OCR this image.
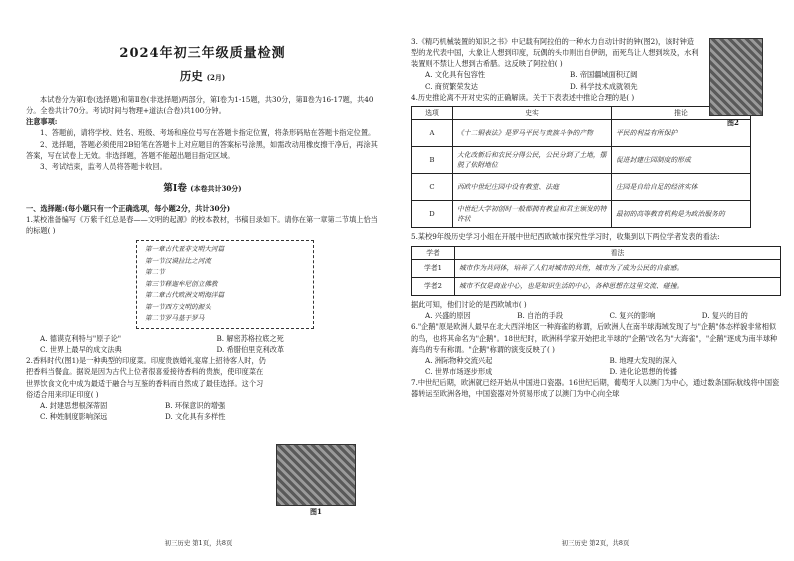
2024年初三年级质量检测
历史 (2月)

本试卷分为第Ⅰ卷(选择题)和第Ⅱ卷(非选择题)两部分，第Ⅰ卷为1-15题，共30分，第Ⅱ卷为16-17题，共40分。全卷共计70分。考试时间与物理+道法(合卷)共100分钟。

注意事项:

1、答题前，请将学校、姓名、班级、考场和座位号写在答题卡指定位置，将条形码贴在答题卡指定位置。

2、选择题，答题必须使用2B铅笔在答题卡上对应题目的答案标号涂黑，如需改动用橡皮擦干净后，再涂其答案，写在试卷上无效。非选择题，答题不能超出题目指定区域。

3、考试结束，监考人员将答题卡收回。

第Ⅰ卷 (本卷共计30分)

一、选择题:(每小题只有一个正确选项，每小题2分，共计30分)

1.某校准备编写《万紫千红总是春——文明的起源》的校本教材，书稿目录如下。请你在第一章第二节填上恰当的标题( )

第一章古代亚非文明大河篇
第一节汉谟拉比之河流
第二节
第三节释迦牟尼创立佛教
第二章古代欧洲文明海洋篇
第一节西方文明的源头
第二节罗马基于罗马
A. 德谟克利特与"原子论"	B. 解密苏格拉底之死
C. 世界上最早的成文法典	D. 希腊伯里克利改革

2.香料时代(图1)是一种典型的印度菜。印度贵族婚礼宴席上招待客人时，仍把香料当餐盒。据说是因为古代上位者很喜爱接待香料的贵族，使印度菜在世界饮食文化中成为最适于融合与互鉴的香料而自然成了最佳选择。这个习俗适合用来印证印度( )

A. 封建思想根深蒂固	B. 环保意识的增强
C. 种姓制度影响深远	D. 文化具有多样性
图1
初三历史 第1页，共8页

3.《精巧机械装置的知识之书》中记载有阿拉伯的一种水力自动计时的钟(图2)，该时钟造型的龙代表中国，大象让人想到印度，玩偶的头巾则出自伊朗，而死鸟让人想到埃及，水利装置则不禁让人想到古希腊。这反映了阿拉伯( )

A. 文化具有包容性	B. 帝国疆域面积辽阔
C. 商贸繁荣发达	D. 科学技术成就领先
图2

4.历史推论离不开对史实的正确解读。关于下表表述中推论合理的是( )

选项	史实	推论
A	《十二铜表法》是罗马平民与贵族斗争的产物	平民的利益有所保护
B	大化改新后和农民分得公民，公民分到了土地，摆脱了依附地位	促进封建庄园制度的形成
C	西欧中世纪庄园中设有教堂、法庭	庄园是自给自足的经济实体
D	中世纪大学初创时一般都拥有教皇和君主颁发的特许状	最初的高等教育机构是为政治服务的

5.某校9年级历史学习小组在开展中世纪西欧城市探究性学习时，收集到以下两位学者发表的看法:

学者	看法
学者1	城市作为共同体，培养了人们对城市的共性，城市为了成为公民的自豪感。
学者2	城市不仅是商业中心，也是知识生活的中心，各种思想在这里交流、碰撞。

据此可知，他们讨论的是西欧城市( )

A. 兴盛的原因	B. 自治的手段	C. 复兴的影响	D. 复兴的目的

6."企鹅"原是欧洲人最早在北大西洋地区一种海雀的称谓，后欧洲人在南半球海域发现了与"企鹅"体态样貌非常相似的鸟，也将其命名为"企鹅"。18世纪时，欧洲科学家开始把北半球的"企鹅"改名为"大海雀"，"企鹅"逐成为南半球种海鸟的专有称谓。"企鹅"称谓的演变反映了( )

A. 洲际物种交流兴起	B. 地理大发现的深入
C. 世界市场逐步形成	D. 进化论思想的传播

7.中世纪后期，欧洲就已经开始从中国进口瓷器。16世纪后期，葡萄牙人以澳门为中心，通过数条国际航线将中国瓷器转运至欧洲各地，中国瓷器对外贸易形成了以澳门为中心向全球

初三历史 第2页，共8页
